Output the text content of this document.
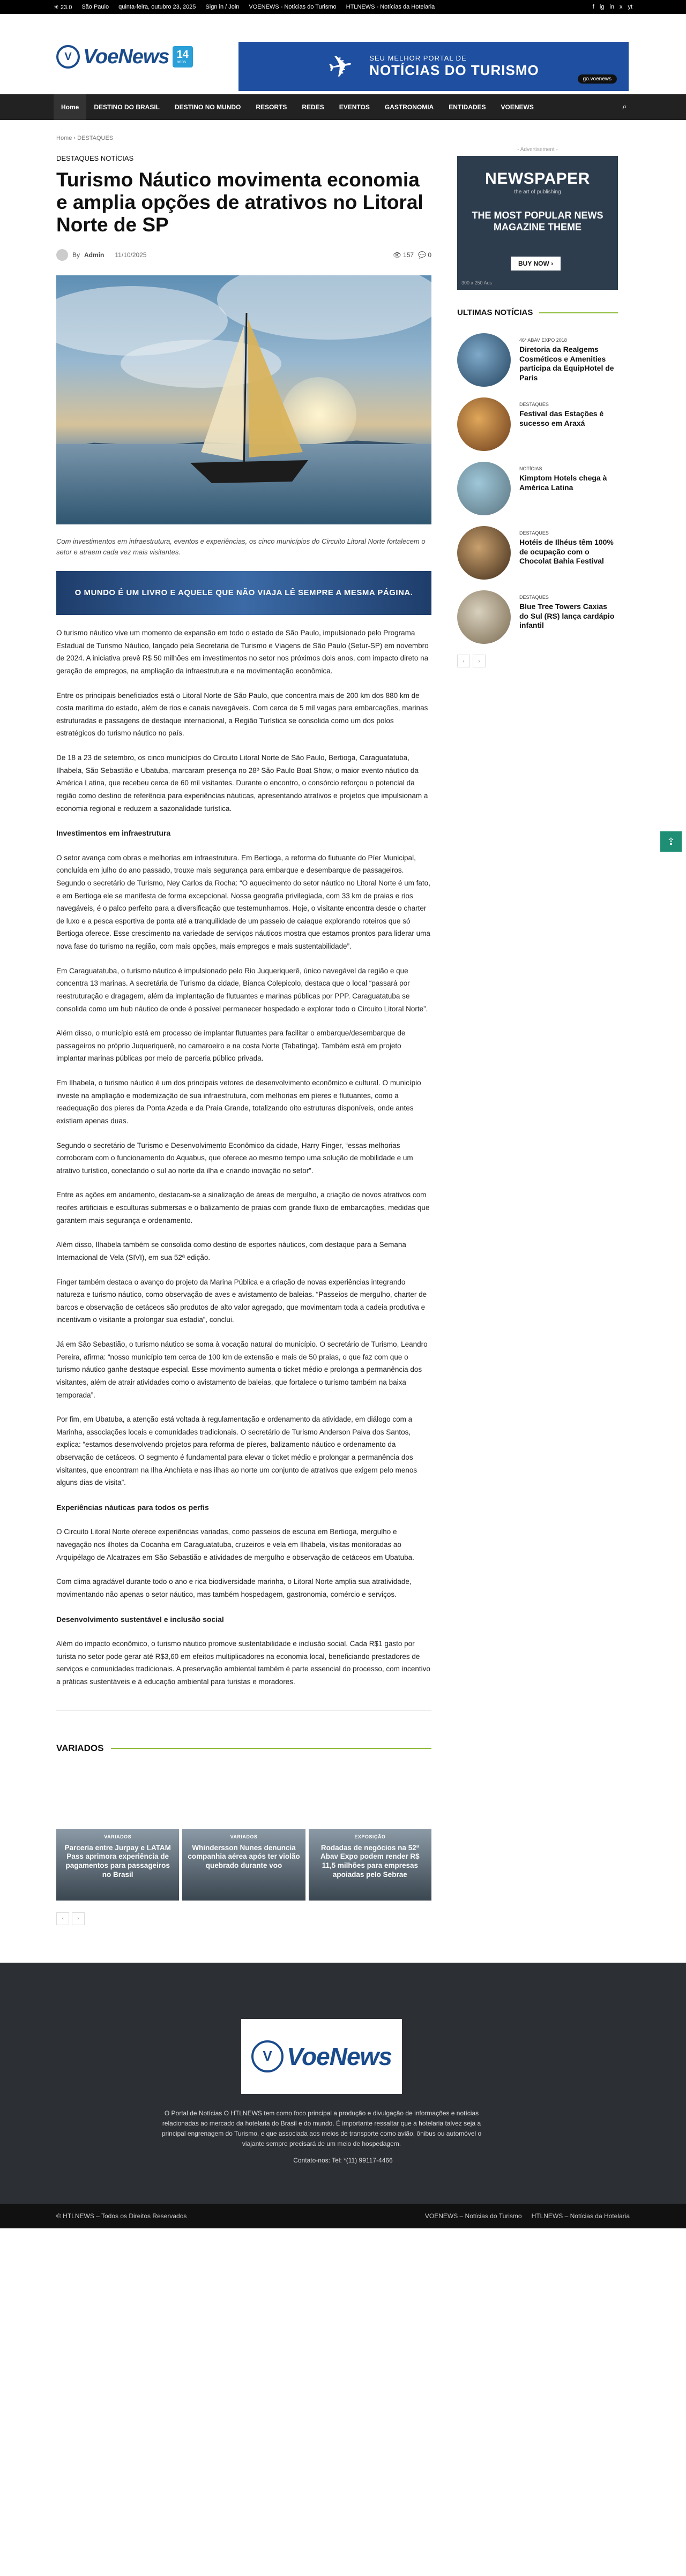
☀ 23.0 São Paulo quinta-feira, outubro 23, 2025 Sign in / Join VOENEWS - Notícias do Turismo HTLNEWS - Notícias da Hotelaria	f ig in x yt
V VoeNews 14
anos	✈ SEU MELHOR PORTAL DE
NOTÍCIAS DO TURISMO
go.voenews
Home	DESTINO DO BRASIL	DESTINO NO MUNDO	RESORTS	REDES	EVENTOS	GASTRONOMIA	ENTIDADES	VOENEWS	⌕
Home › DESTAQUES
DESTAQUES NOTÍCIAS
Turismo Náutico movimenta economia e amplia opções de atrativos no Litoral Norte de SP
By Admin 11/10/2025	👁 157 💬 0
Com investimentos em infraestrutura, eventos e experiências, os cinco municípios do Circuito Litoral Norte fortalecem o setor e atraem cada vez mais visitantes.
O MUNDO É UM LIVRO E AQUELE QUE NÃO VIAJA LÊ SEMPRE A MESMA PÁGINA.

O turismo náutico vive um momento de expansão em todo o estado de São Paulo, impulsionado pelo Programa Estadual de Turismo Náutico, lançado pela Secretaria de Turismo e Viagens de São Paulo (Setur-SP) em novembro de 2024. A iniciativa prevê R$ 50 milhões em investimentos no setor nos próximos dois anos, com impacto direto na geração de empregos, na ampliação da infraestrutura e na movimentação econômica.

Entre os principais beneficiados está o Litoral Norte de São Paulo, que concentra mais de 200 km dos 880 km de costa marítima do estado, além de rios e canais navegáveis. Com cerca de 5 mil vagas para embarcações, marinas estruturadas e passagens de destaque internacional, a Região Turística se consolida como um dos polos estratégicos do turismo náutico no país.

De 18 a 23 de setembro, os cinco municípios do Circuito Litoral Norte de São Paulo, Bertioga, Caraguatatuba, Ilhabela, São Sebastião e Ubatuba, marcaram presença no 28º São Paulo Boat Show, o maior evento náutico da América Latina, que recebeu cerca de 60 mil visitantes. Durante o encontro, o consórcio reforçou o potencial da região como destino de referência para experiências náuticas, apresentando atrativos e projetos que impulsionam a economia regional e reduzem a sazonalidade turística.

Investimentos em infraestrutura

O setor avança com obras e melhorias em infraestrutura. Em Bertioga, a reforma do flutuante do Píer Municipal, concluída em julho do ano passado, trouxe mais segurança para embarque e desembarque de passageiros. Segundo o secretário de Turismo, Ney Carlos da Rocha: “O aquecimento do setor náutico no Litoral Norte é um fato, e em Bertioga ele se manifesta de forma excepcional. Nossa geografia privilegiada, com 33 km de praias e rios navegáveis, é o palco perfeito para a diversificação que testemunhamos. Hoje, o visitante encontra desde o charter de luxo e a pesca esportiva de ponta até a tranquilidade de um passeio de caiaque explorando roteiros que só Bertioga oferece. Esse crescimento na variedade de serviços náuticos mostra que estamos prontos para liderar uma nova fase do turismo na região, com mais opções, mais empregos e mais sustentabilidade”.

Em Caraguatatuba, o turismo náutico é impulsionado pelo Rio Juqueriquerê, único navegável da região e que concentra 13 marinas. A secretária de Turismo da cidade, Bianca Colepicolo, destaca que o local “passará por reestruturação e dragagem, além da implantação de flutuantes e marinas públicas por PPP. Caraguatatuba se consolida como um hub náutico de onde é possível permanecer hospedado e explorar todo o Circuito Litoral Norte”.

Além disso, o município está em processo de implantar flutuantes para facilitar o embarque/desembarque de passageiros no próprio Juqueriquerê, no camaroeiro e na costa Norte (Tabatinga). Também está em projeto implantar marinas públicas por meio de parceria público privada.

Em Ilhabela, o turismo náutico é um dos principais vetores de desenvolvimento econômico e cultural. O município investe na ampliação e modernização de sua infraestrutura, com melhorias em píeres e flutuantes, como a readequação dos píeres da Ponta Azeda e da Praia Grande, totalizando oito estruturas disponíveis, onde antes existiam apenas duas.

Segundo o secretário de Turismo e Desenvolvimento Econômico da cidade, Harry Finger, “essas melhorias corroboram com o funcionamento do Aquabus, que oferece ao mesmo tempo uma solução de mobilidade e um atrativo turístico, conectando o sul ao norte da ilha e criando inovação no setor”.

Entre as ações em andamento, destacam-se a sinalização de áreas de mergulho, a criação de novos atrativos com recifes artificiais e esculturas submersas e o balizamento de praias com grande fluxo de embarcações, medidas que garantem mais segurança e ordenamento.

Além disso, Ilhabela também se consolida como destino de esportes náuticos, com destaque para a Semana Internacional de Vela (SIVI), em sua 52ª edição.

Finger também destaca o avanço do projeto da Marina Pública e a criação de novas experiências integrando natureza e turismo náutico, como observação de aves e avistamento de baleias. “Passeios de mergulho, charter de barcos e observação de cetáceos são produtos de alto valor agregado, que movimentam toda a cadeia produtiva e incentivam o visitante a prolongar sua estadia”, conclui.

Já em São Sebastião, o turismo náutico se soma à vocação natural do município. O secretário de Turismo, Leandro Pereira, afirma: “nosso município tem cerca de 100 km de extensão e mais de 50 praias, o que faz com que o turismo náutico ganhe destaque especial. Esse movimento aumenta o ticket médio e prolonga a permanência dos visitantes, além de atrair atividades como o avistamento de baleias, que fortalece o turismo também na baixa temporada”.

Por fim, em Ubatuba, a atenção está voltada à regulamentação e ordenamento da atividade, em diálogo com a Marinha, associações locais e comunidades tradicionais. O secretário de Turismo Anderson Paiva dos Santos, explica: “estamos desenvolvendo projetos para reforma de píeres, balizamento náutico e ordenamento da observação de cetáceos. O segmento é fundamental para elevar o ticket médio e prolongar a permanência dos visitantes, que encontram na Ilha Anchieta e nas ilhas ao norte um conjunto de atrativos que exigem pelo menos alguns dias de visita”.

Experiências náuticas para todos os perfis

O Circuito Litoral Norte oferece experiências variadas, como passeios de escuna em Bertioga, mergulho e navegação nos ilhotes da Cocanha em Caraguatatuba, cruzeiros e vela em Ilhabela, visitas monitoradas ao Arquipélago de Alcatrazes em São Sebastião e atividades de mergulho e observação de cetáceos em Ubatuba.

Com clima agradável durante todo o ano e rica biodiversidade marinha, o Litoral Norte amplia sua atratividade, movimentando não apenas o setor náutico, mas também hospedagem, gastronomia, comércio e serviços.

Desenvolvimento sustentável e inclusão social

Além do impacto econômico, o turismo náutico promove sustentabilidade e inclusão social. Cada R$1 gasto por turista no setor pode gerar até R$3,60 em efeitos multiplicadores na economia local, beneficiando prestadores de serviços e comunidades tradicionais. A preservação ambiental também é parte essencial do processo, com incentivo a práticas sustentáveis e à educação ambiental para turistas e moradores.

VARIADOS
VARIADOS
Parceria entre Jurpay e LATAM Pass aprimora experiência de pagamentos para passageiros no Brasil
VARIADOS
Whindersson Nunes denuncia companhia aérea após ter violão quebrado durante voo
EXPOSIÇÃO
Rodadas de negócios na 52ª Abav Expo podem render R$ 11,5 milhões para empresas apoiadas pelo Sebrae
‹	›
- Advertisement -
NEWSPAPER
the art of publishing
THE MOST POPULAR NEWS MAGAZINE THEME
BUY NOW ›
300 x 250 Ads
ULTIMAS NOTÍCIAS
46ª ABAV EXPO 2018
Diretoria da Realgems Cosméticos e Amenities participa da EquipHotel de Paris
DESTAQUES
Festival das Estações é sucesso em Araxá
NOTÍCIAS
Kimptom Hotels chega à América Latina
DESTAQUES
Hotéis de Ilhéus têm 100% de ocupação com o Chocolat Bahia Festival
DESTAQUES
Blue Tree Towers Caxias do Sul (RS) lança cardápio infantil
‹	›
⇪
V VoeNews
O Portal de Notícias O HTLNEWS tem como foco principal a produção e divulgação de informações e notícias relacionadas ao mercado da hotelaria do Brasil e do mundo. É importante ressaltar que a hotelaria talvez seja a principal engrenagem do Turismo, e que associada aos meios de transporte como avião, ônibus ou automóvel o viajante sempre precisará de um meio de hospedagem.
Contato-nos: Tel: *(11) 99117-4466
© HTLNEWS – Todos os Direitos Reservados	VOENEWS – Notícias do Turismo HTLNEWS – Notícias da Hotelaria
